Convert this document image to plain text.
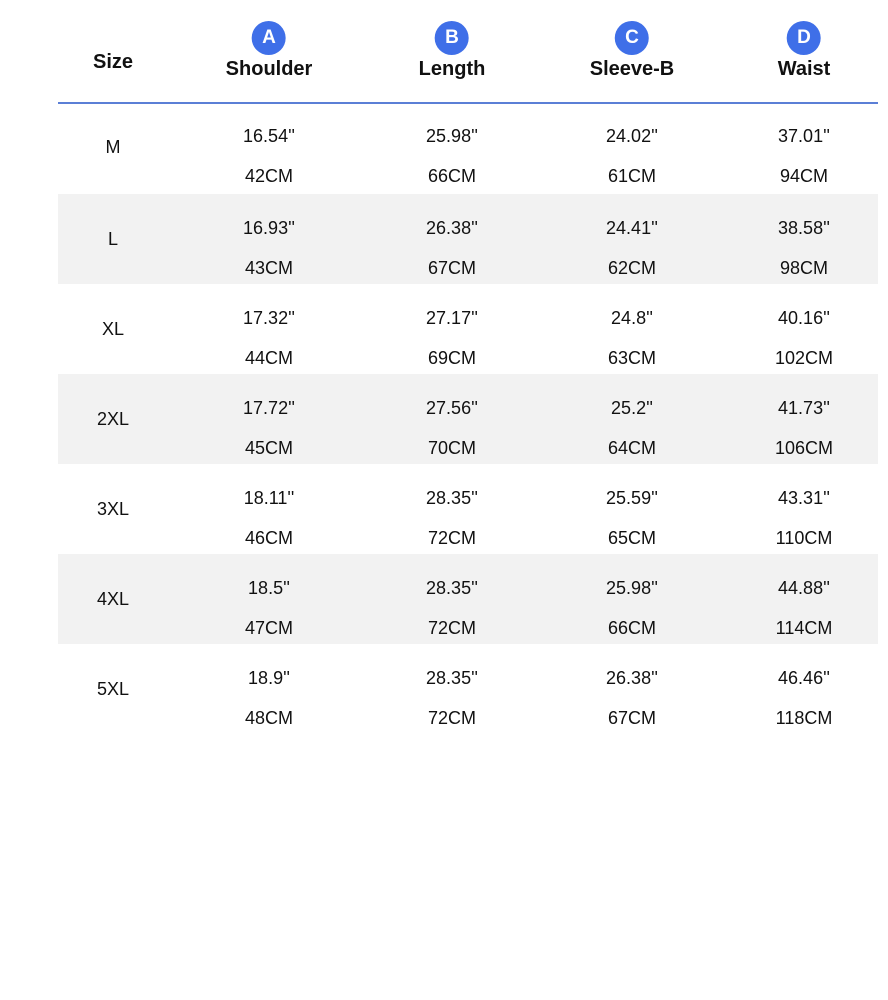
Size
A
Shoulder
B
Length
C
Sleeve-B
D
Waist
M
16.54''
42CM
25.98''
66CM
24.02''
61CM
37.01''
94CM
L
16.93''
43CM
26.38''
67CM
24.41''
62CM
38.58''
98CM
XL
17.32''
44CM
27.17''
69CM
24.8''
63CM
40.16''
102CM
2XL
17.72''
45CM
27.56''
70CM
25.2''
64CM
41.73''
106CM
3XL
18.11''
46CM
28.35''
72CM
25.59''
65CM
43.31''
110CM
4XL
18.5''
47CM
28.35''
72CM
25.98''
66CM
44.88''
114CM
5XL
18.9''
48CM
28.35''
72CM
26.38''
67CM
46.46''
118CM
